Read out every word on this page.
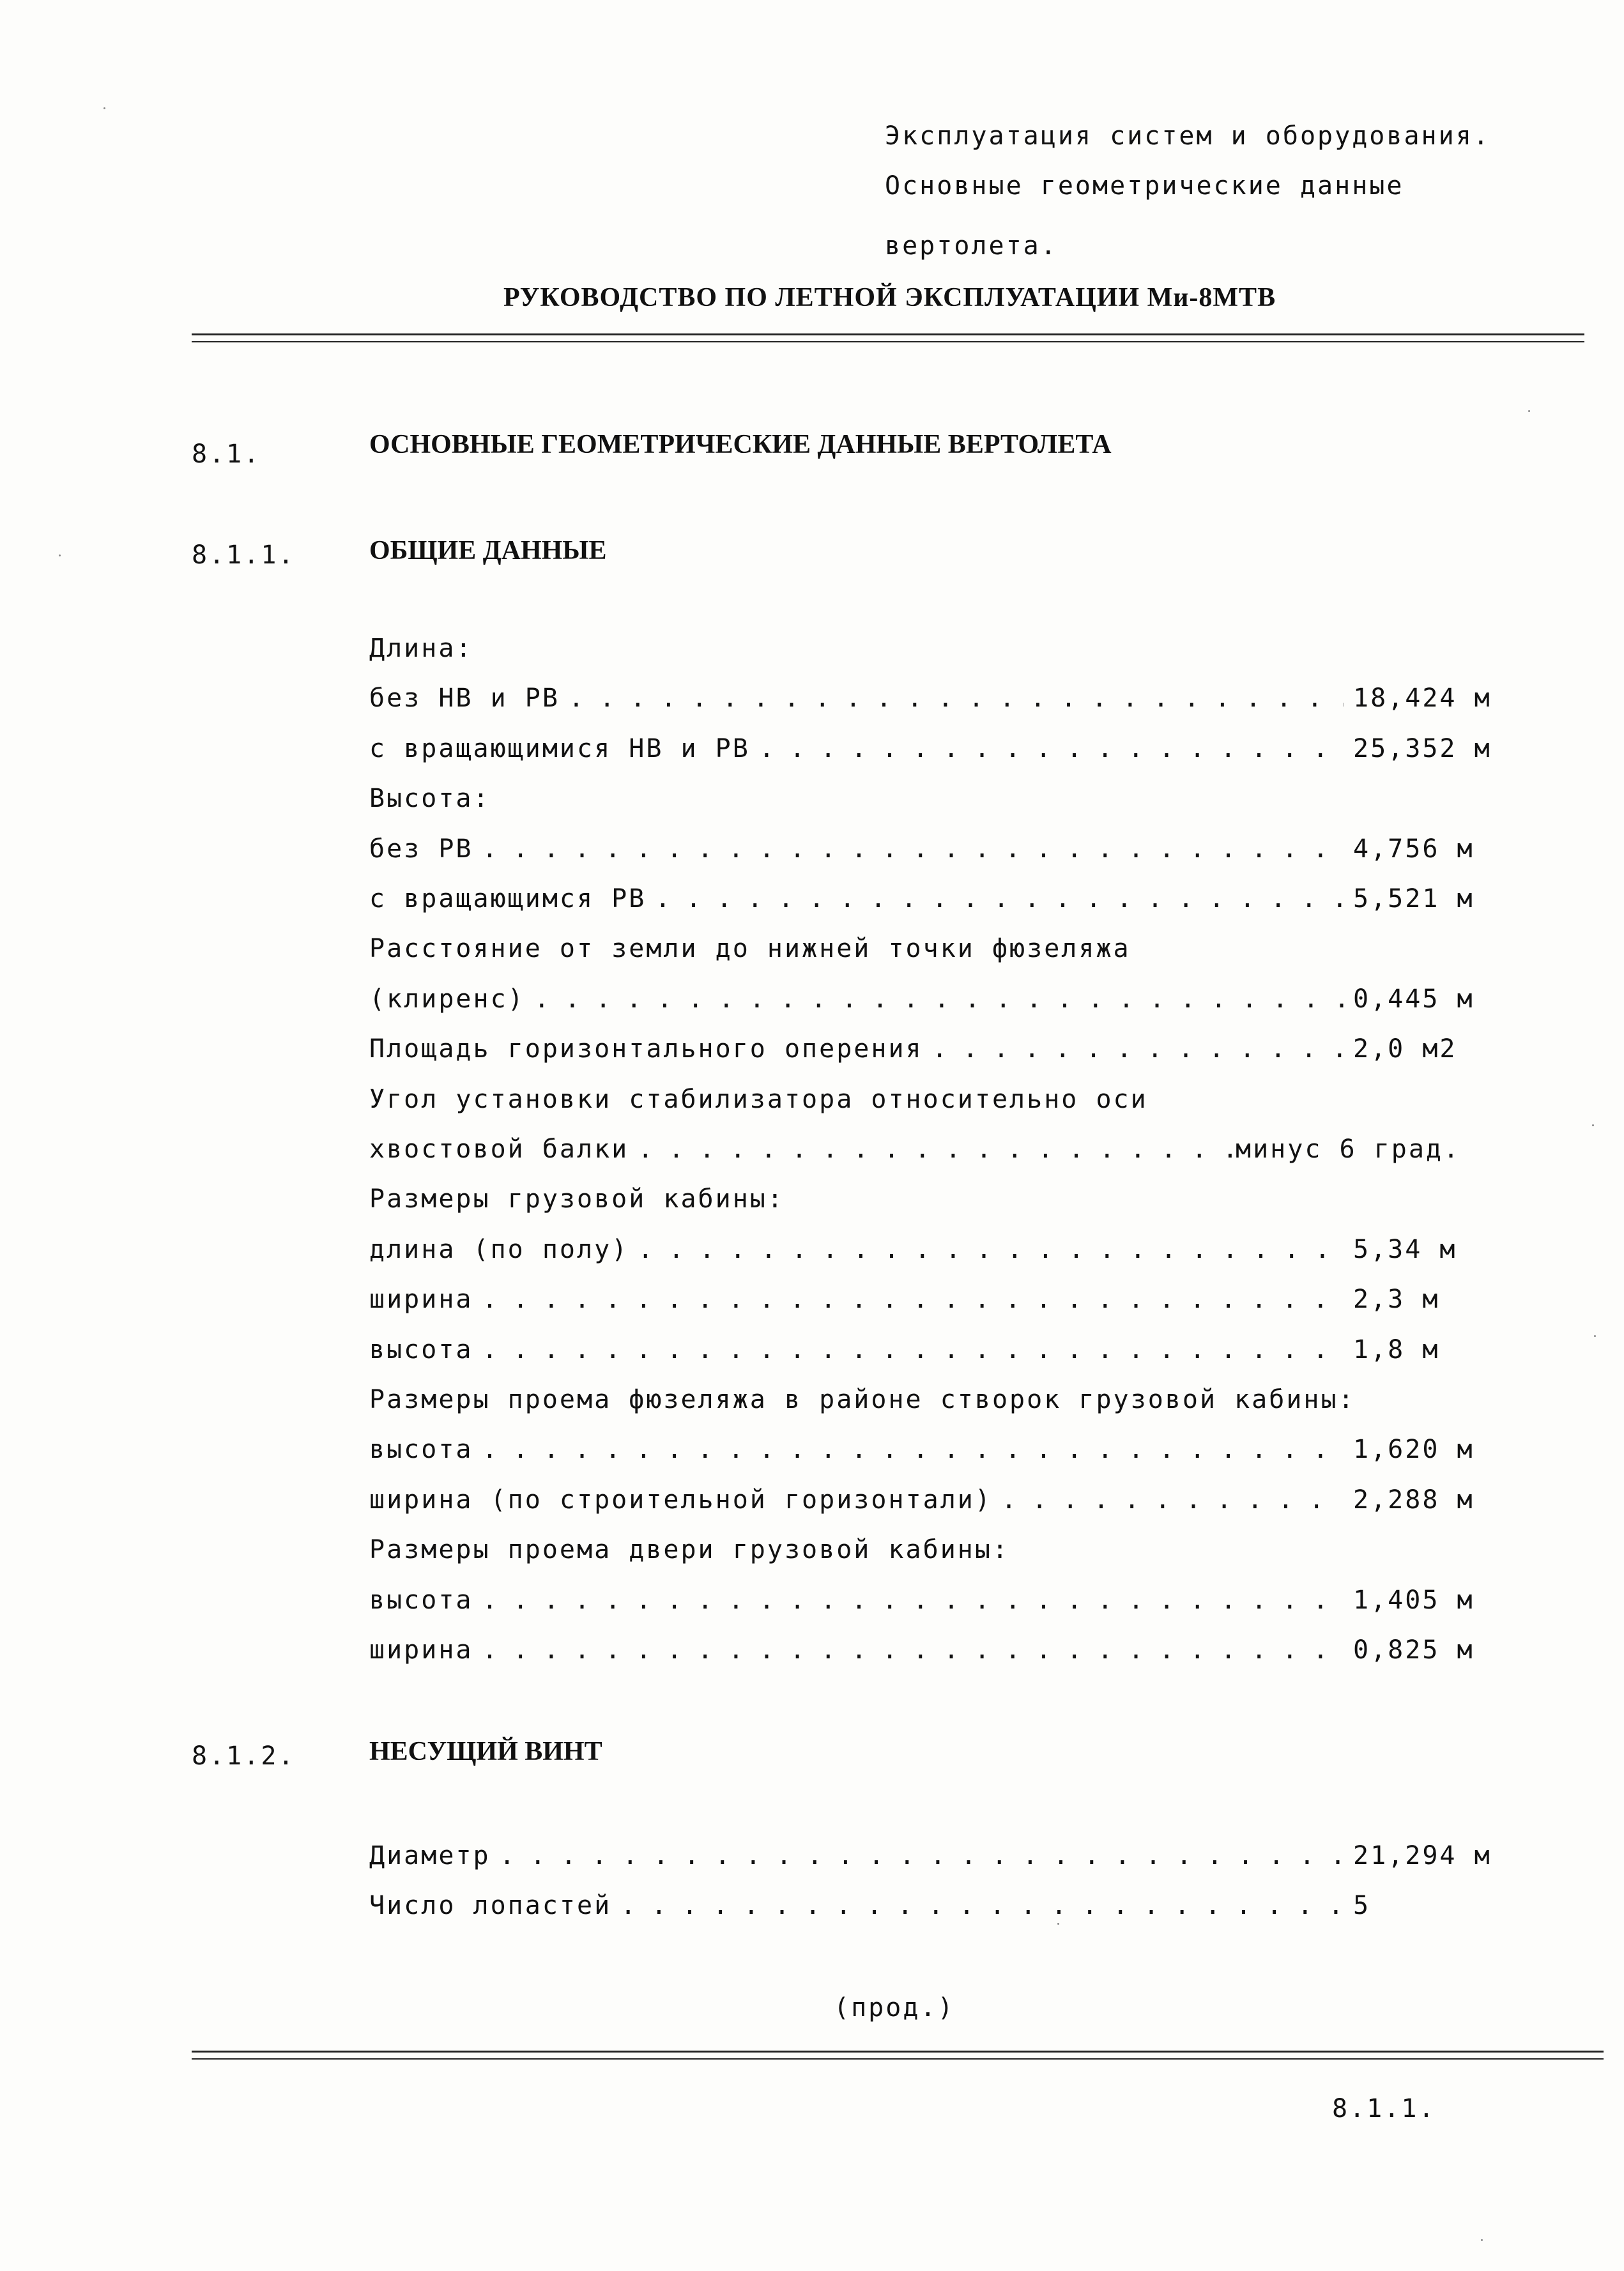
Эксплуатация систем и оборудования.
Основные геометрические данные
вертолета.
РУКОВОДСТВО ПО ЛЕТНОЙ ЭКСПЛУАТАЦИИ Ми-8МТВ
8.1.	ОСНОВНЫЕ ГЕОМЕТРИЧЕСКИЕ ДАННЫЕ ВЕРТОЛЕТА
8.1.1.	ОБЩИЕ ДАННЫЕ
Длина:
без НВ и РВ . . .	18,424 м
с вращающимися НВ и РВ . . .	25,352 м
Высота:
без РВ . . .	4,756 м
с вращающимся РВ . . .	5,521 м
Расстояние от земли до нижней точки фюзеляжа
(клиренс) . . .	0,445 м
Площадь горизонтального оперения . . .	2,0 м2
Угол установки стабилизатора относительно оси
хвостовой балки . . .	минус 6 град.
Размеры грузовой кабины:
длина (по полу) . . .	5,34 м
ширина . . .	2,3 м
высота . . .	1,8 м
Размеры проема фюзеляжа в районе створок грузовой кабины:
высота . . .	1,620 м
ширина (по строительной горизонтали) . . .	2,288 м
Размеры проема двери грузовой кабины:
высота . . .	1,405 м
ширина . . .	0,825 м
8.1.2.	НЕСУЩИЙ ВИНТ
Диаметр . . .	21,294 м
Число лопастей . . .	5
(прод.)
8.1.1.
